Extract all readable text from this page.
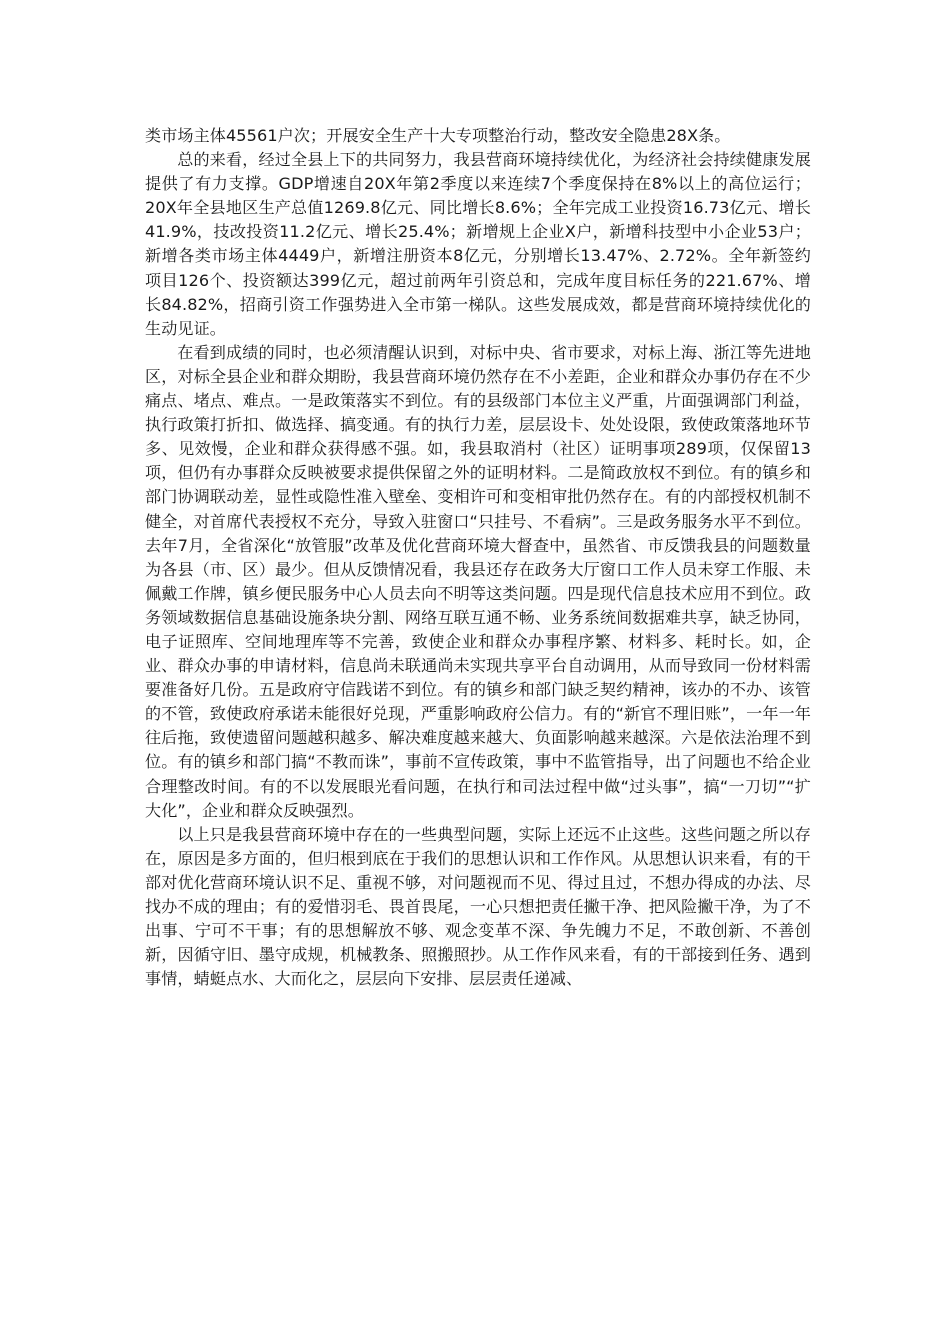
类市场主体45561户次；开展安全生产十大专项整治行动，整改安全隐患28X条。

总的来看，经过全县上下的共同努力，我县营商环境持续优化，为经济社会持续健康发展提供了有力支撑。GDP增速自20X年第2季度以来连续7个季度保持在8%以上的高位运行；20X年全县地区生产总值1269.8亿元、同比增长8.6%；全年完成工业投资16.73亿元、增长41.9%，技改投资11.2亿元、增长25.4%；新增规上企业X户，新增科技型中小企业53户；新增各类市场主体4449户，新增注册资本8亿元，分别增长13.47%、2.72%。全年新签约项目126个、投资额达399亿元，超过前两年引资总和，完成年度目标任务的221.67%、增长84.82%，招商引资工作强势进入全市第一梯队。这些发展成效，都是营商环境持续优化的生动见证。

在看到成绩的同时，也必须清醒认识到，对标中央、省市要求，对标上海、浙江等先进地区，对标全县企业和群众期盼，我县营商环境仍然存在不小差距，企业和群众办事仍存在不少痛点、堵点、难点。一是政策落实不到位。有的县级部门本位主义严重，片面强调部门利益，执行政策打折扣、做选择、搞变通。有的执行力差，层层设卡、处处设限，致使政策落地环节多、见效慢，企业和群众获得感不强。如，我县取消村（社区）证明事项289项，仅保留13项，但仍有办事群众反映被要求提供保留之外的证明材料。二是简政放权不到位。有的镇乡和部门协调联动差，显性或隐性准入壁垒、变相许可和变相审批仍然存在。有的内部授权机制不健全，对首席代表授权不充分，导致入驻窗口“只挂号、不看病”。三是政务服务水平不到位。去年7月，全省深化“放管服”改革及优化营商环境大督查中，虽然省、市反馈我县的问题数量为各县（市、区）最少。但从反馈情况看，我县还存在政务大厅窗口工作人员未穿工作服、未佩戴工作牌，镇乡便民服务中心人员去向不明等这类问题。四是现代信息技术应用不到位。政务领域数据信息基础设施条块分割、网络互联互通不畅、业务系统间数据难共享，缺乏协同，电子证照库、空间地理库等不完善，致使企业和群众办事程序繁、材料多、耗时长。如，企业、群众办事的申请材料，信息尚未联通尚未实现共享平台自动调用，从而导致同一份材料需要准备好几份。五是政府守信践诺不到位。有的镇乡和部门缺乏契约精神，该办的不办、该管的不管，致使政府承诺未能很好兑现，严重影响政府公信力。有的“新官不理旧账”，一年一年往后拖，致使遗留问题越积越多、解决难度越来越大、负面影响越来越深。六是依法治理不到位。有的镇乡和部门搞“不教而诛”，事前不宣传政策，事中不监管指导，出了问题也不给企业合理整改时间。有的不以发展眼光看问题，在执行和司法过程中做“过头事”，搞“一刀切”“扩大化”，企业和群众反映强烈。

以上只是我县营商环境中存在的一些典型问题，实际上还远不止这些。这些问题之所以存在，原因是多方面的，但归根到底在于我们的思想认识和工作作风。从思想认识来看，有的干部对优化营商环境认识不足、重视不够，对问题视而不见、得过且过，不想办得成的办法、尽找办不成的理由；有的爱惜羽毛、畏首畏尾，一心只想把责任撇干净、把风险撇干净，为了不出事、宁可不干事；有的思想解放不够、观念变革不深、争先魄力不足，不敢创新、不善创新，因循守旧、墨守成规，机械教条、照搬照抄。从工作作风来看，有的干部接到任务、遇到事情，蜻蜓点水、大而化之，层层向下安排、层层责任递减、
